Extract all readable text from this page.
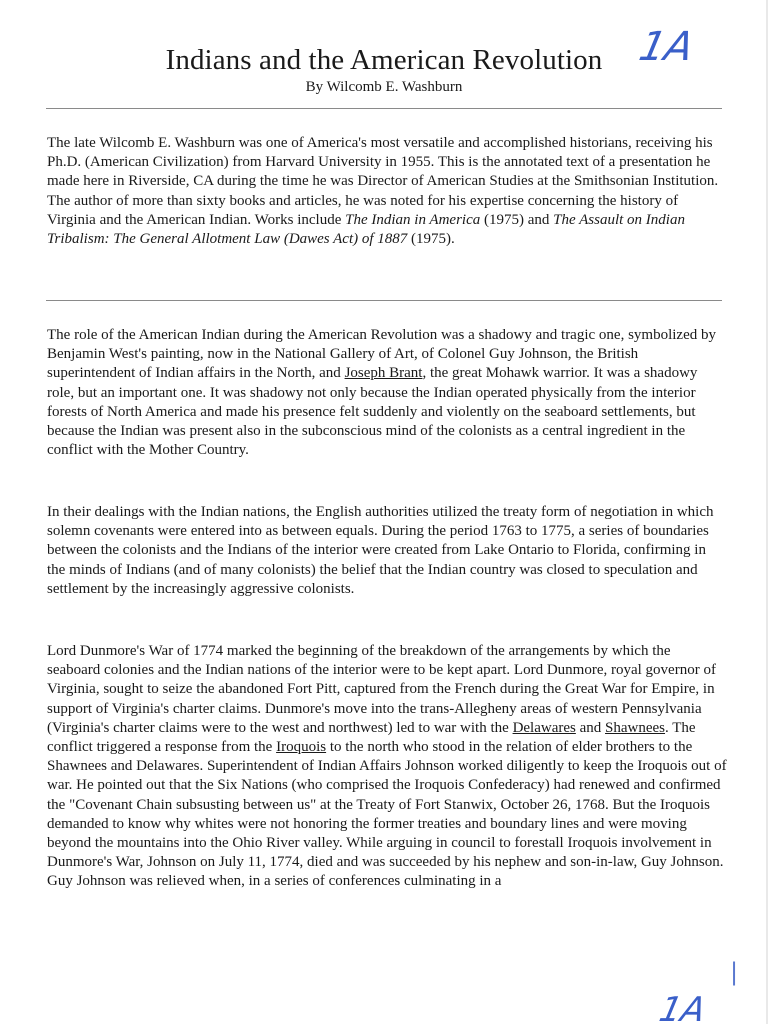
Indians and the American Revolution

By Wilcomb E. Washburn

1A

The late Wilcomb E. Washburn was one of America's most versatile and accomplished historians, receiving his Ph.D. (American Civilization) from Harvard University in 1955. This is the annotated text of a presentation he made here in Riverside, CA during the time he was Director of American Studies at the Smithsonian Institution. The author of more than sixty books and articles, he was noted for his expertise concerning the history of Virginia and the American Indian. Works include The Indian in America (1975) and The Assault on Indian Tribalism: The General Allotment Law (Dawes Act) of 1887 (1975).

The role of the American Indian during the American Revolution was a shadowy and tragic one, symbolized by Benjamin West's painting, now in the National Gallery of Art, of Colonel Guy Johnson, the British superintendent of Indian affairs in the North, and Joseph Brant, the great Mohawk warrior. It was a shadowy role, but an important one. It was shadowy not only because the Indian operated physically from the interior forests of North America and made his presence felt suddenly and violently on the seaboard settlements, but because the Indian was present also in the subconscious mind of the colonists as a central ingredient in the conflict with the Mother Country.

In their dealings with the Indian nations, the English authorities utilized the treaty form of negotiation in which solemn covenants were entered into as between equals. During the period 1763 to 1775, a series of boundaries between the colonists and the Indians of the interior were created from Lake Ontario to Florida, confirming in the minds of Indians (and of many colonists) the belief that the Indian country was closed to speculation and settlement by the increasingly aggressive colonists.

Lord Dunmore's War of 1774 marked the beginning of the breakdown of the arrangements by which the seaboard colonies and the Indian nations of the interior were to be kept apart. Lord Dunmore, royal governor of Virginia, sought to seize the abandoned Fort Pitt, captured from the French during the Great War for Empire, in support of Virginia's charter claims. Dunmore's move into the trans-Allegheny areas of western Pennsylvania (Virginia's charter claims were to the west and northwest) led to war with the Delawares and Shawnees. The conflict triggered a response from the Iroquois to the north who stood in the relation of elder brothers to the Shawnees and Delawares. Superintendent of Indian Affairs Johnson worked diligently to keep the Iroquois out of war. He pointed out that the Six Nations (who comprised the Iroquois Confederacy) had renewed and confirmed the "Covenant Chain subsusting between us" at the Treaty of Fort Stanwix, October 26, 1768. But the Iroquois demanded to know why whites were not honoring the former treaties and boundary lines and were moving beyond the mountains into the Ohio River valley. While arguing in council to forestall Iroquois involvement in Dunmore's War, Johnson on July 11, 1774, died and was succeeded by his nephew and son-in-law, Guy Johnson. Guy Johnson was relieved when, in a series of conferences culminating in a

|

1A
